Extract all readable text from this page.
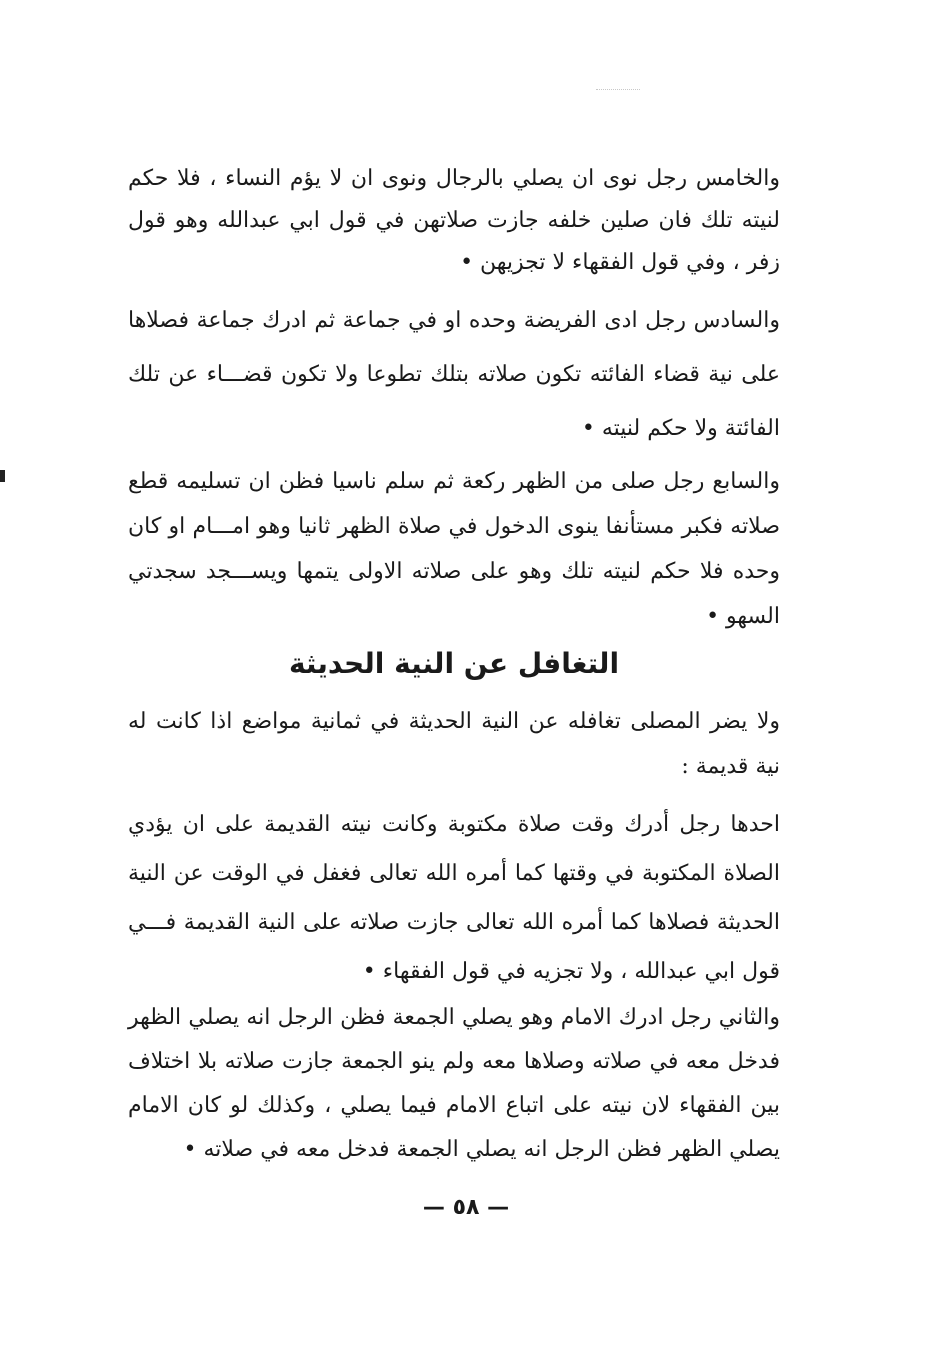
والخامس رجل نوى ان يصلي بالرجال ونوى ان لا يؤم النساء ، فلا حكم لنيته تلك فان صلين خلفه جازت صلاتهن في قول ابي عبدالله وهو قول زفر ، وفي قول الفقهاء لا تجزيهن •

والسادس رجل ادى الفريضة وحده او في جماعة ثم ادرك جماعة فصلاها على نية قضاء الفائته تكون صلاته بتلك تطوعا ولا تكون قضـــاء عن تلك الفائتة ولا حكم لنيته •

والسابع رجل صلى من الظهر ركعة ثم سلم ناسيا فظن ان تسليمه قطع صلاته فكبر مستأنفا ينوى الدخول في صلاة الظهر ثانيا وهو امـــام او كان وحده فلا حكم لنيته تلك وهو على صلاته الاولى يتمها ويســـجد سجدتي السهو •

التغافل عن النية الحديثة

ولا يضر المصلى تغافله عن النية الحديثة في ثمانية مواضع اذا كانت له نية قديمة :

احدها رجل أدرك وقت صلاة مكتوبة وكانت نيته القديمة على ان يؤدي الصلاة المكتوبة في وقتها كما أمره الله تعالى فغفل في الوقت عن النية الحديثة فصلاها كما أمره الله تعالى جازت صلاته على النية القديمة فـــي قول ابي عبدالله ، ولا تجزيه في قول الفقهاء •

والثاني رجل ادرك الامام وهو يصلي الجمعة فظن الرجل انه يصلي الظهر فدخل معه في صلاته وصلاها معه ولم ينو الجمعة جازت صلاته بلا اختلاف بين الفقهاء لان نيته على اتباع الامام فيما يصلي ، وكذلك لو كان الامام يصلي الظهر فظن الرجل انه يصلي الجمعة فدخل معه في صلاته •

— ٥٨ —
